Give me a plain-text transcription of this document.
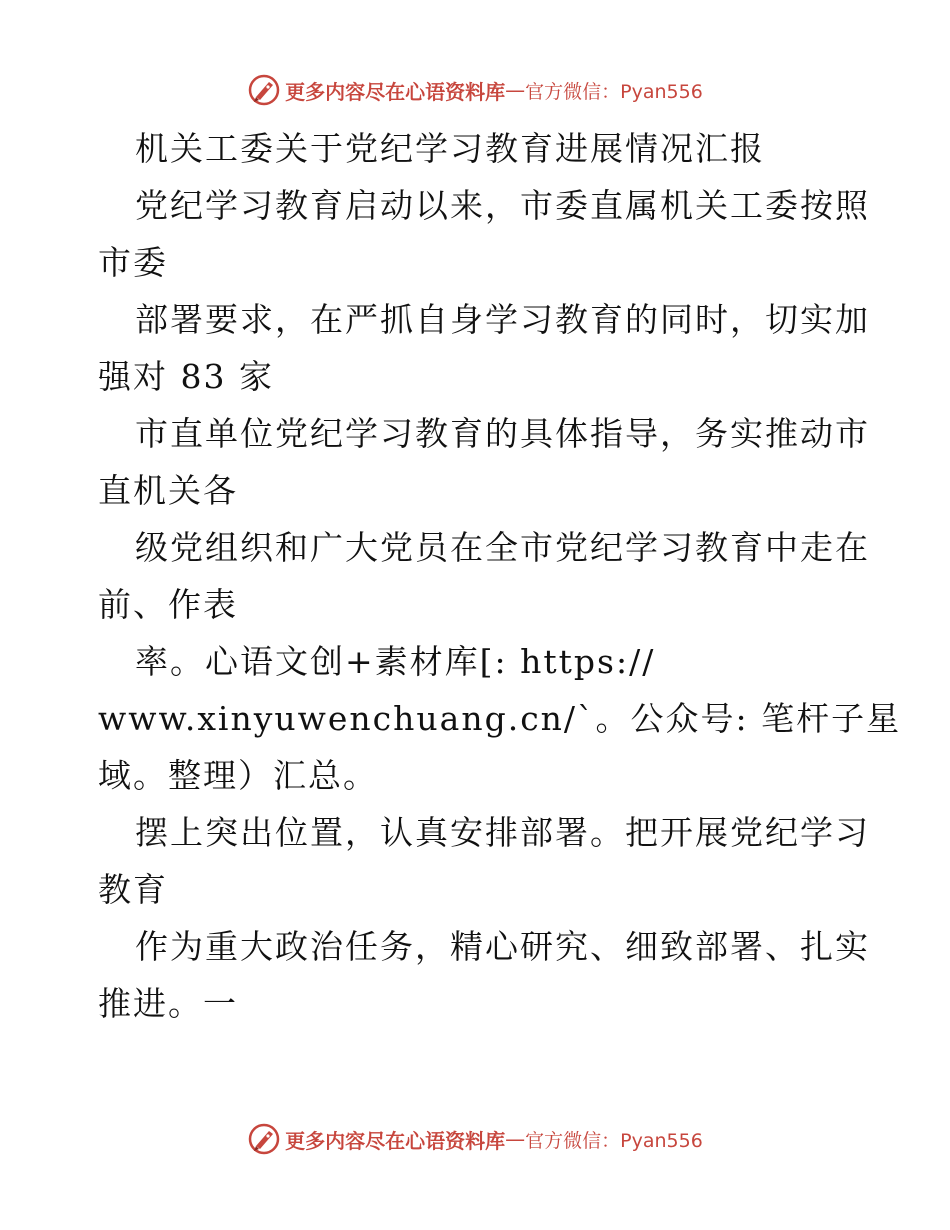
更多内容尽在心语资料库 — 官方微信：Pyan556
机关工委关于党纪学习教育进展情况汇报
党纪学习教育启动以来，市委直属机关工委按照
市委
部署要求，在严抓自身学习教育的同时，切实加
强对 83 家
市直单位党纪学习教育的具体指导，务实推动市
直机关各
级党组织和广大党员在全市党纪学习教育中走在
前、作表
率。心语文创+素材库[: https://
www.xinyuwenchuang.cn/`。公众号: 笔杆子星
域。整理）汇总。
摆上突出位置，认真安排部署。把开展党纪学习
教育
作为重大政治任务，精心研究、细致部署、扎实
推进。一
更多内容尽在心语资料库 — 官方微信：Pyan556
